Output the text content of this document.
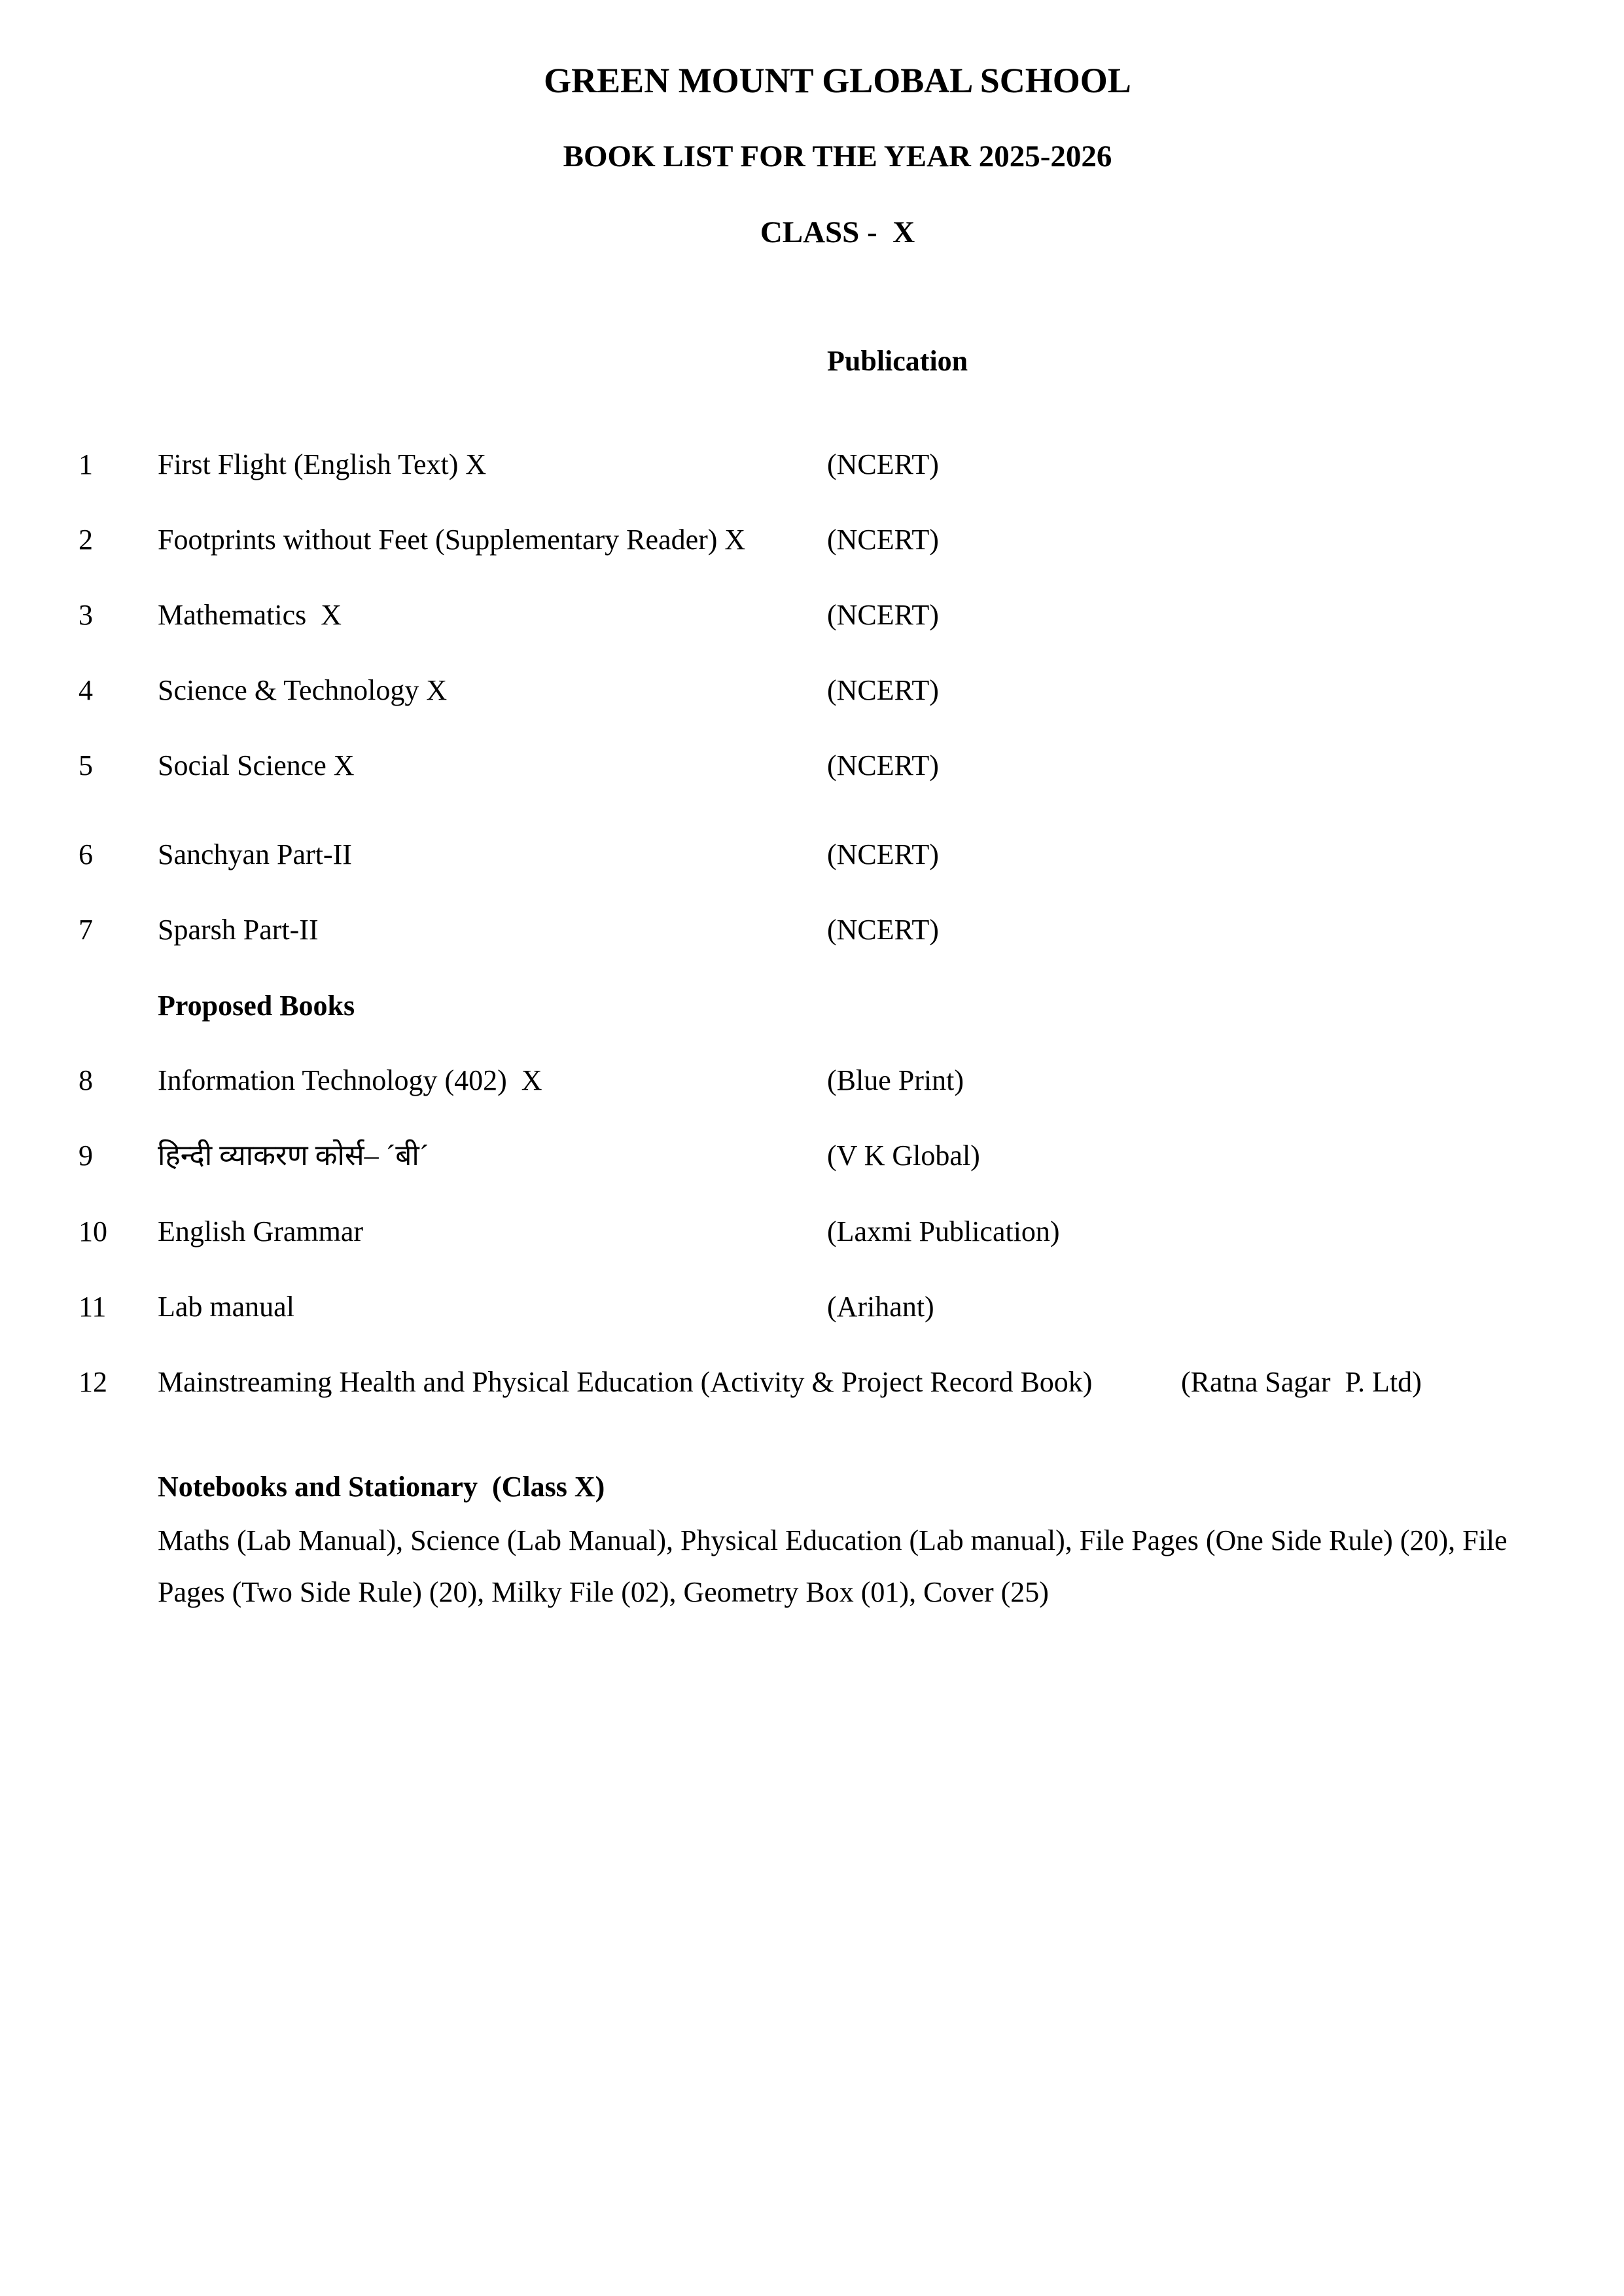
GREEN MOUNT GLOBAL SCHOOL
BOOK LIST FOR THE YEAR 2025-2026
CLASS -  X
Publication
1 First Flight (English Text) X	(NCERT)
2 Footprints without Feet (Supplementary Reader) X	(NCERT)
3 Mathematics  X	(NCERT)
4 Science & Technology X	(NCERT)
5 Social Science X	(NCERT)
6 Sanchyan Part-II	(NCERT)
7 Sparsh Part-II	(NCERT)
Proposed Books
8 Information Technology (402)  X	(Blue Print)
9 हिन्दी व्याकरण कोर्स– ´बी´	(V K Global)
10 English Grammar	(Laxmi Publication)
11 Lab manual	(Arihant)
12 Mainstreaming Health and Physical Education (Activity & Project Record Book)	(Ratna Sagar  P. Ltd)
Notebooks and Stationary  (Class X)

Maths (Lab Manual), Science (Lab Manual), Physical Education (Lab manual), File Pages (One Side Rule) (20), File Pages (Two Side Rule) (20), Milky File (02), Geometry Box (01), Cover (25)
